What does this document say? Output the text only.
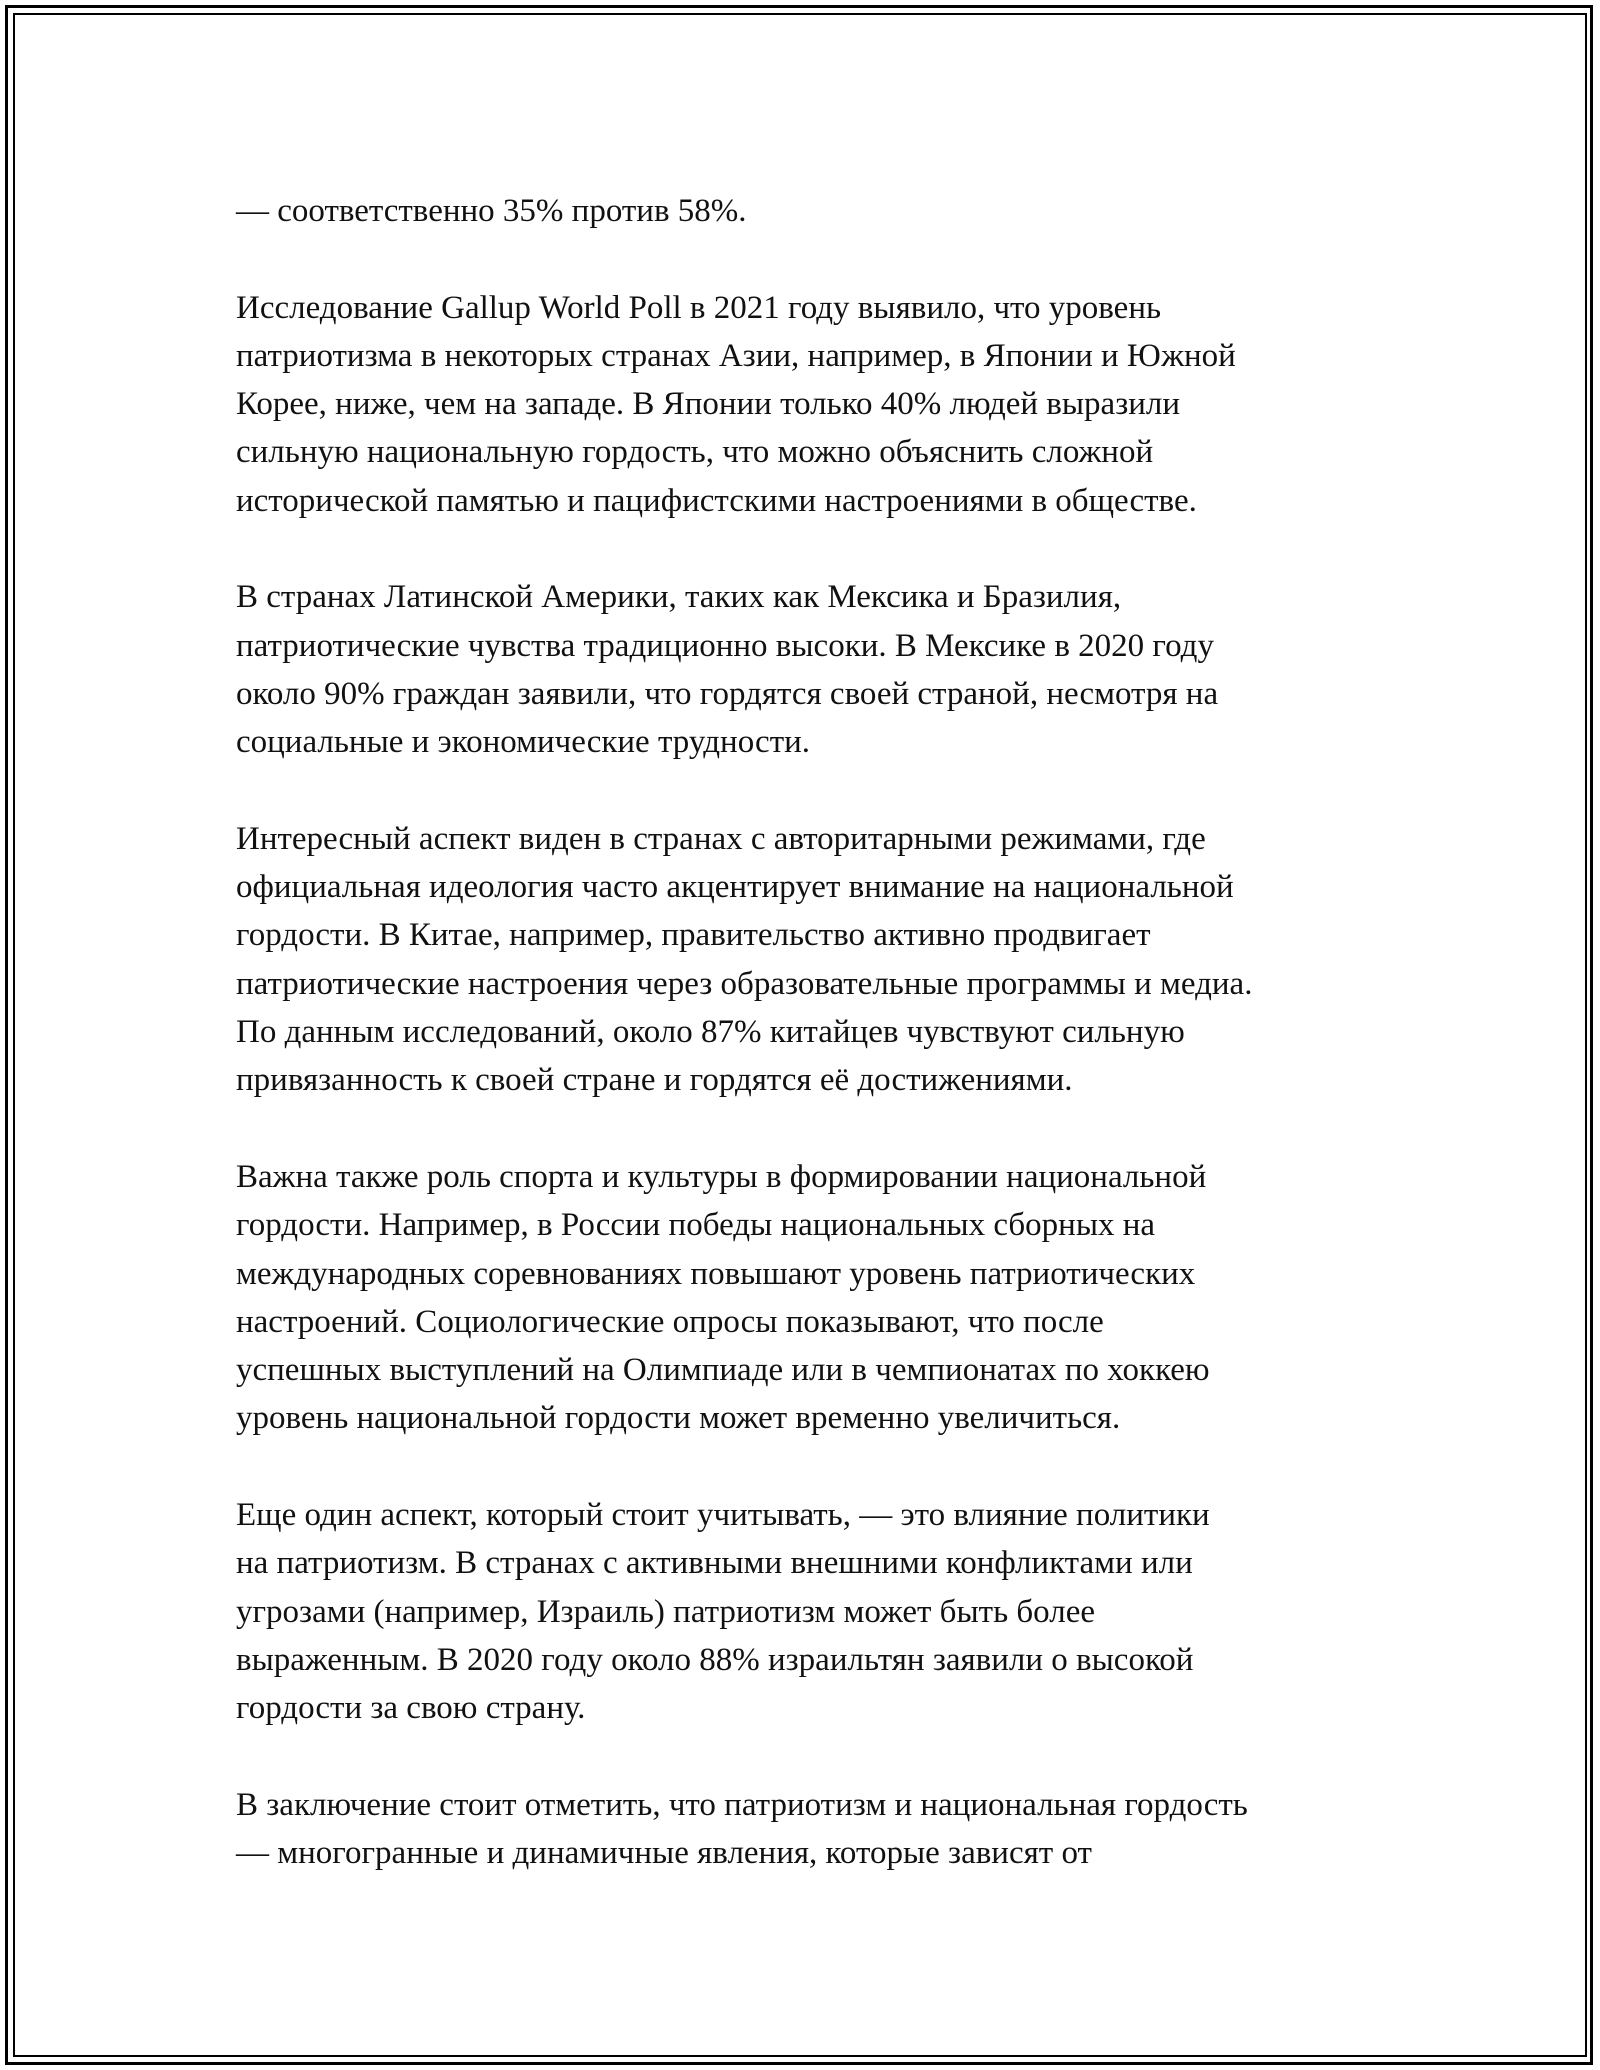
— соответственно 35% против 58%.

Исследование Gallup World Poll в 2021 году выявило, что уровень
патриотизма в некоторых странах Азии, например, в Японии и Южной
Корее, ниже, чем на западе. В Японии только 40% людей выразили
сильную национальную гордость, что можно объяснить сложной
исторической памятью и пацифистскими настроениями в обществе.

В странах Латинской Америки, таких как Мексика и Бразилия,
патриотические чувства традиционно высоки. В Мексике в 2020 году
около 90% граждан заявили, что гордятся своей страной, несмотря на
социальные и экономические трудности.

Интересный аспект виден в странах с авторитарными режимами, где
официальная идеология часто акцентирует внимание на национальной
гордости. В Китае, например, правительство активно продвигает
патриотические настроения через образовательные программы и медиа.
По данным исследований, около 87% китайцев чувствуют сильную
привязанность к своей стране и гордятся её достижениями.

Важна также роль спорта и культуры в формировании национальной
гордости. Например, в России победы национальных сборных на
международных соревнованиях повышают уровень патриотических
настроений. Социологические опросы показывают, что после
успешных выступлений на Олимпиаде или в чемпионатах по хоккею
уровень национальной гордости может временно увеличиться.

Еще один аспект, который стоит учитывать, — это влияние политики
на патриотизм. В странах с активными внешними конфликтами или
угрозами (например, Израиль) патриотизм может быть более
выраженным. В 2020 году около 88% израильтян заявили о высокой
гордости за свою страну.

В заключение стоит отметить, что патриотизм и национальная гордость
— многогранные и динамичные явления, которые зависят от
